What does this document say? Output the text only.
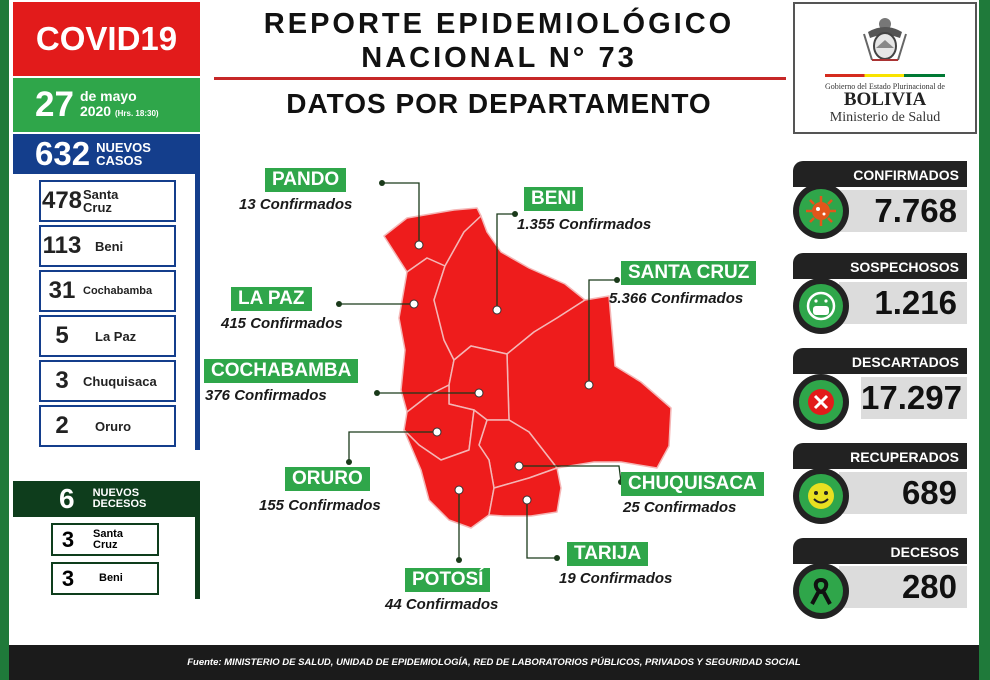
COVID19
27 de mayo
2020 (Hrs. 18:30)
632 NUEVOS
CASOS
478 Santa
Cruz
113 Beni
31 Cochabamba
5	La Paz
3	Chuquisaca
2	Oruro
6 NUEVOS
DECESOS
3	Santa
Cruz
3	Beni
REPORTE EPIDEMIOLÓGICO
NACIONAL N° 73
DATOS POR DEPARTAMENTO
Gobierno del Estado Plurinacional de
BOLIVIA
Ministerio de Salud
PANDO
13 Confirmados	BENI
1.355 Confirmados
LA PAZ
415 Confirmados
SANTA CRUZ
5.366 Confirmados
COCHABAMBA
376 Confirmados
ORURO
155 Confirmados
CHUQUISACA
25 Confirmados
TARIJA
19 Confirmados
POTOSÍ
44 Confirmados
CONFIRMADOS
7.768
SOSPECHOSOS
1.216
DESCARTADOS
17.297
RECUPERADOS
689
DECESOS
280
Fuente: MINISTERIO DE SALUD, UNIDAD DE EPIDEMIOLOGÍA, RED DE LABORATORIOS PÚBLICOS, PRIVADOS Y SEGURIDAD SOCIAL
